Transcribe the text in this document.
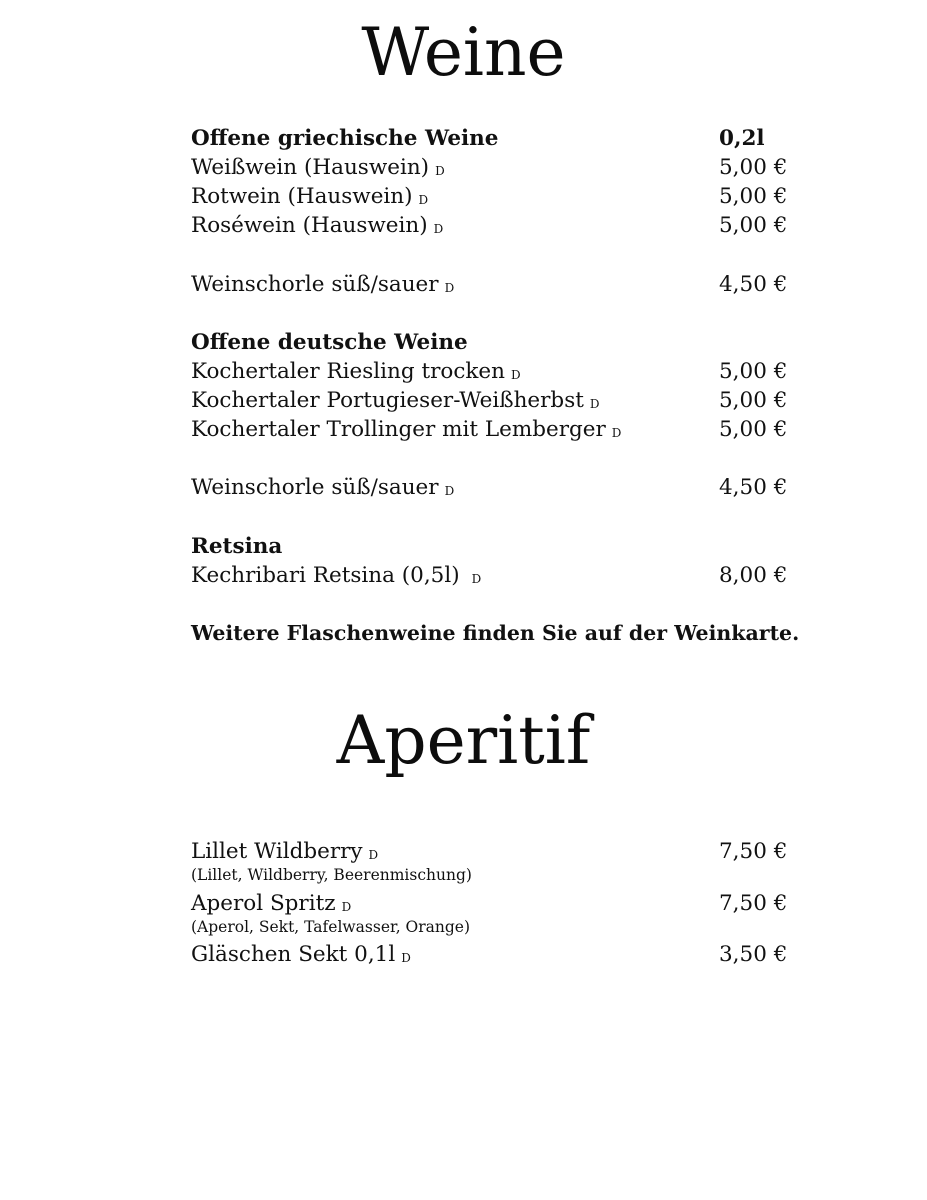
Weine
Offene griechische Weine	0,2l
Weißwein (Hauswein) D	5,00 €
Rotwein (Hauswein) D	5,00 €
Roséwein (Hauswein) D	5,00 €
Weinschorle süß/sauer D	4,50 €
Offene deutsche Weine
Kochertaler Riesling trocken D	5,00 €
Kochertaler Portugieser-Weißherbst D	5,00 €
Kochertaler Trollinger mit Lemberger D	5,00 €
Weinschorle süß/sauer D	4,50 €
Retsina
Kechribari Retsina (0,5l) D	8,00 €
Weitere Flaschenweine finden Sie auf der Weinkarte.
Aperitif
Lillet Wildberry D	7,50 €
(Lillet, Wildberry, Beerenmischung)
Aperol Spritz D	7,50 €
(Aperol, Sekt, Tafelwasser, Orange)
Gläschen Sekt 0,1l D	3,50 €
